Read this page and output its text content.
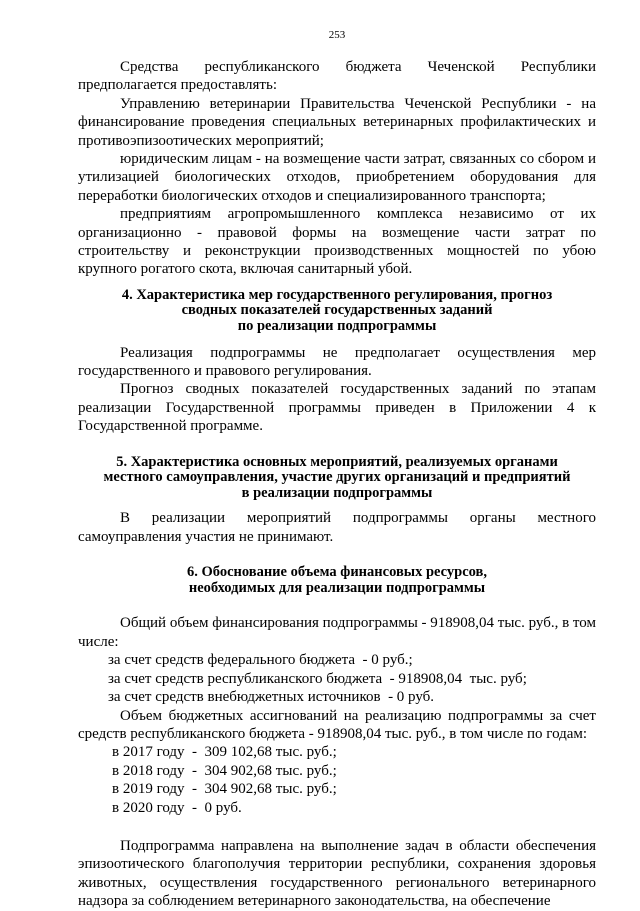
253

Средства республиканского бюджета Чеченской Республики предполагается предоставлять:

Управлению ветеринарии Правительства Чеченской Республики - на финансирование проведения специальных ветеринарных профилактических и противоэпизоотических мероприятий;

юридическим лицам - на возмещение части затрат, связанных со сбором и утилизацией биологических отходов, приобретением оборудования для переработки биологических отходов и специализированного транспорта;

предприятиям агропромышленного комплекса независимо от их организационно - правовой формы на возмещение части затрат по строительству и реконструкции производственных мощностей по убою крупного рогатого скота, включая санитарный убой.

4. Характеристика мер государственного регулирования, прогноз
сводных показателей государственных заданий
по реализации подпрограммы

Реализация подпрограммы не предполагает осуществления мер государственного и правового регулирования.

Прогноз сводных показателей государственных заданий по этапам реализации Государственной программы приведен в Приложении 4 к Государственной программе.

5. Характеристика основных мероприятий, реализуемых органами
местного самоуправления, участие других организаций и предприятий
в реализации подпрограммы

В реализации мероприятий подпрограммы органы местного самоуправления участия не принимают.

6. Обоснование объема финансовых ресурсов,
необходимых для реализации подпрограммы

Общий объем финансирования подпрограммы - 918908,04 тыс. руб., в том числе:

за счет средств федерального бюджета  - 0 руб.;
за счет средств республиканского бюджета  - 918908,04  тыс. руб;
за счет средств внебюджетных источников  - 0 руб.

Объем бюджетных ассигнований на реализацию подпрограммы за счет средств республиканского бюджета - 918908,04 тыс. руб., в том числе по годам:

в 2017 году  -  309 102,68 тыс. руб.;
в 2018 году  -  304 902,68 тыс. руб.;
в 2019 году  -  304 902,68 тыс. руб.;
в 2020 году  -  0 руб.

Подпрограмма направлена на выполнение задач в области обеспечения эпизоотического благополучия территории республики, сохранения здоровья животных, осуществления государственного регионального ветеринарного надзора за соблюдением ветеринарного законодательства, на обеспечение
